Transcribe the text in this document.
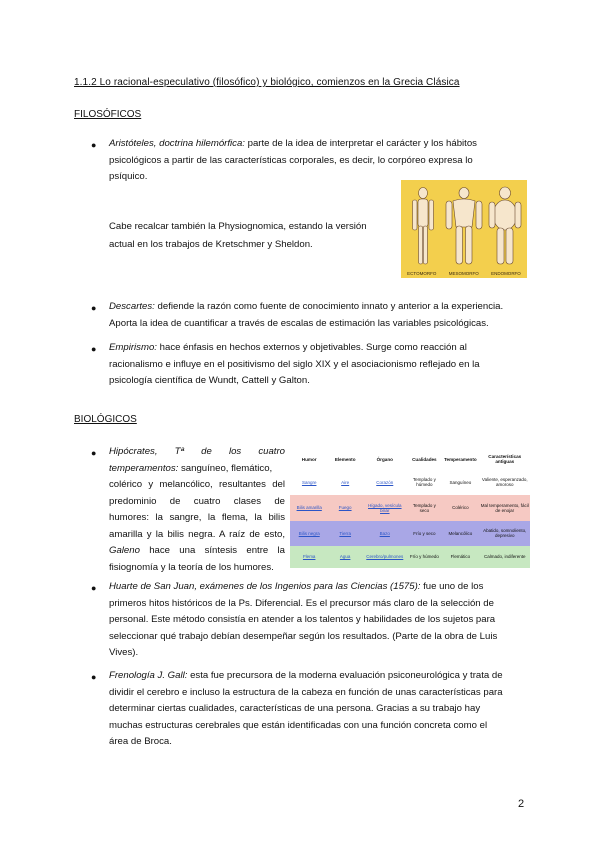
1.1.2 Lo racional-especulativo (filosófico) y biológico, comienzos en la Grecia Clásica
FILOSÓFICOS
● Aristóteles, doctrina hilemórfica: parte de la idea de interpretar el carácter y los hábitos
psicológicos a partir de las características corporales, es decir, lo corpóreo expresa lo
psíquico.
Cabe recalcar también la Physiognomica, estando la versión
actual en los trabajos de Kretschmer y Sheldon.
ECTOMORFO	MESOMORFO	ENDOMORFO
● Descartes: defiende la razón como fuente de conocimiento innato y anterior a la experiencia.
Aporta la idea de cuantificar a través de escalas de estimación las variables psicológicas.
● Empirismo: hace énfasis en hechos externos y objetivables. Surge como reacción al
racionalismo e influye en el positivismo del siglo XIX y el asociacionismo reflejado en la
psicología científica de Wundt, Cattell y Galton.
BIOLÓGICOS
● Hipócrates, Tª de los cuatro
temperamentos: sanguíneo, flemático,
colérico y melancólico, resultantes del
predominio de cuatro clases de
humores: la sangre, la flema, la bilis
amarilla y la bilis negra. A raíz de esto,
Galeno hace una síntesis entre la
fisiognomía y la teoría de los humores.
Humor	Elemento	Órgano	Cualidades	Temperamento	Características antiguas
Sangre	Aire	Corazón	Templado y húmedo	Sanguíneo	Valiente, esperanzado, amoroso
Bilis amarilla	Fuego	Hígado, vesícula biliar	Templado y seco	Colérico	Mal temperamento, fácil de enojar
Bilis negra	Tierra	Bazo	Frío y seco	Melancólico	Abatido, somnoliento, depresivo
Flema	Agua	Cerebro/pulmones	Frío y húmedo	Flemático	Calmado, indiferente
● Huarte de San Juan, exámenes de los Ingenios para las Ciencias (1575): fue uno de los
primeros hitos históricos de la Ps. Diferencial. Es el precursor más claro de la selección de
personal. Este método consistía en atender a los talentos y habilidades de los sujetos para
seleccionar qué trabajo debían desempeñar según los resultados. (Parte de la obra de Luis
Vives).
● Frenología J. Gall: esta fue precursora de la moderna evaluación psiconeurológica y trata de
dividir el cerebro e incluso la estructura de la cabeza en función de unas características para
determinar ciertas cualidades, características de una persona. Gracias a su trabajo hay
muchas estructuras cerebrales que están identificadas con una función concreta como el
área de Broca.
2
